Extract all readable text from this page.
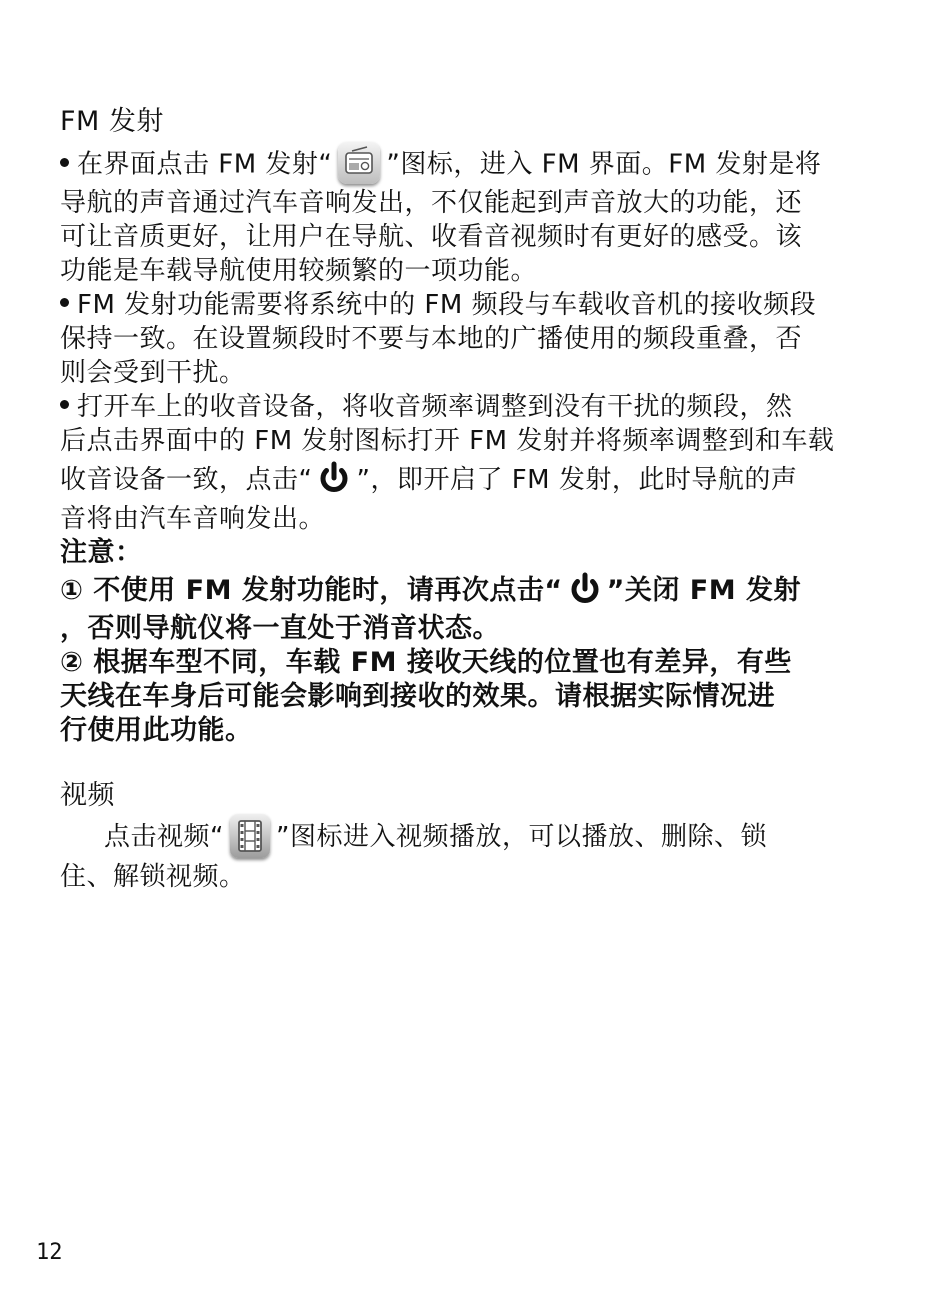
FM 发射
在界面点击 FM 发射“ ”图标，进入 FM 界面。FM 发射是将
导航的声音通过汽车音响发出，不仅能起到声音放大的功能，还
可让音质更好，让用户在导航、收看音视频时有更好的感受。该
功能是车载导航使用较频繁的一项功能。
FM 发射功能需要将系统中的 FM 频段与车载收音机的接收频段
保持一致。在设置频段时不要与本地的广播使用的频段重叠，否
则会受到干扰。
打开车上的收音设备，将收音频率调整到没有干扰的频段，然
后点击界面中的 FM 发射图标打开 FM 发射并将频率调整到和车载
收音设备一致，点击“ ”，即开启了 FM 发射，此时导航的声
音将由汽车音响发出。
注意：
① 不使用 FM 发射功能时，请再次点击“ ”关闭 FM 发射
，否则导航仪将一直处于消音状态。
② 根据车型不同，车载 FM 接收天线的位置也有差异，有些
天线在车身后可能会影响到接收的效果。请根据实际情况进
行使用此功能。
视频
点击视频“ ”图标进入视频播放，可以播放、删除、锁
住、解锁视频。
12
